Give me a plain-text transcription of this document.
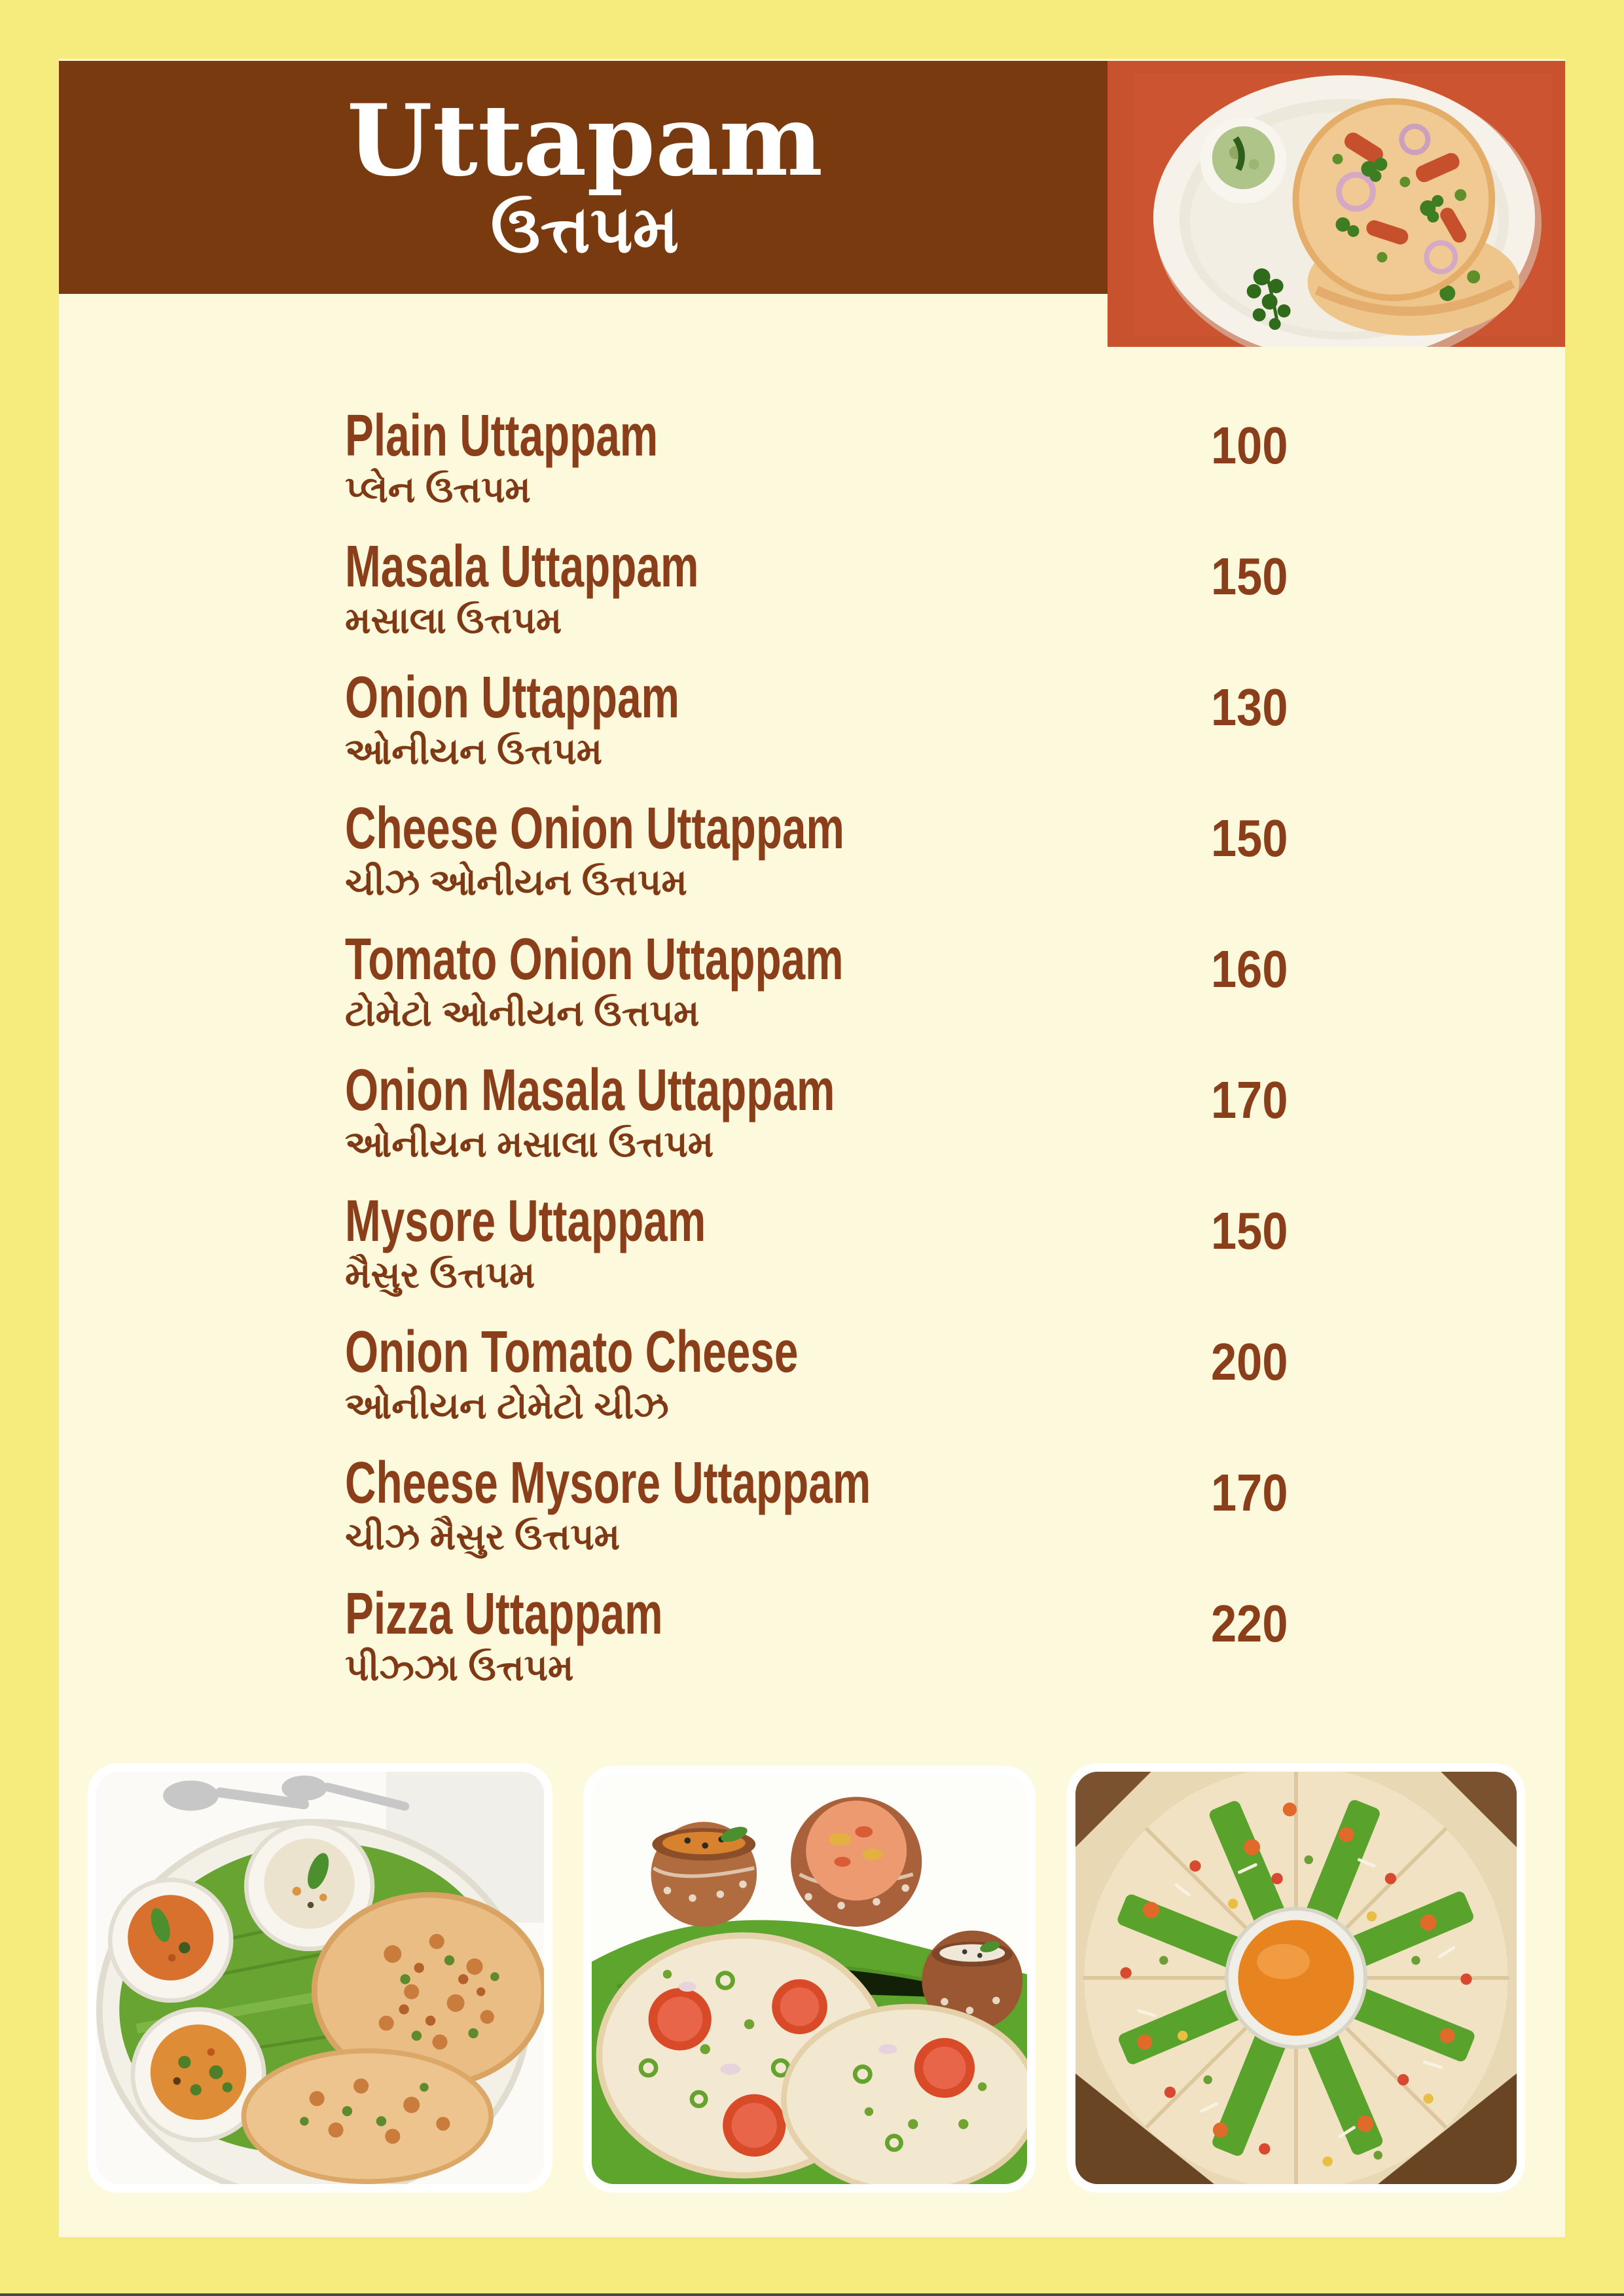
Uttapam
ઉત્તપમ
Plain Uttappam
પ્લેન ઉત્તપમ
100
Masala Uttappam
મસાલા ઉત્તપમ
150
Onion Uttappam
ઓનીયન ઉત્તપમ
130
Cheese Onion Uttappam
ચીઝ ઓનીયન ઉત્તપમ
150
Tomato Onion Uttappam
ટોમેટો ઓનીયન ઉત્તપમ
160
Onion Masala Uttappam
ઓનીયન મસાલા ઉત્તપમ
170
Mysore Uttappam
મૈસુર ઉત્તપમ
150
Onion Tomato Cheese
ઓનીયન ટોમેટો ચીઝ
200
Cheese Mysore Uttappam
ચીઝ મૈસુર ઉત્તપમ
170
Pizza Uttappam
પીઝ્ઝા ઉત્તપમ
220
